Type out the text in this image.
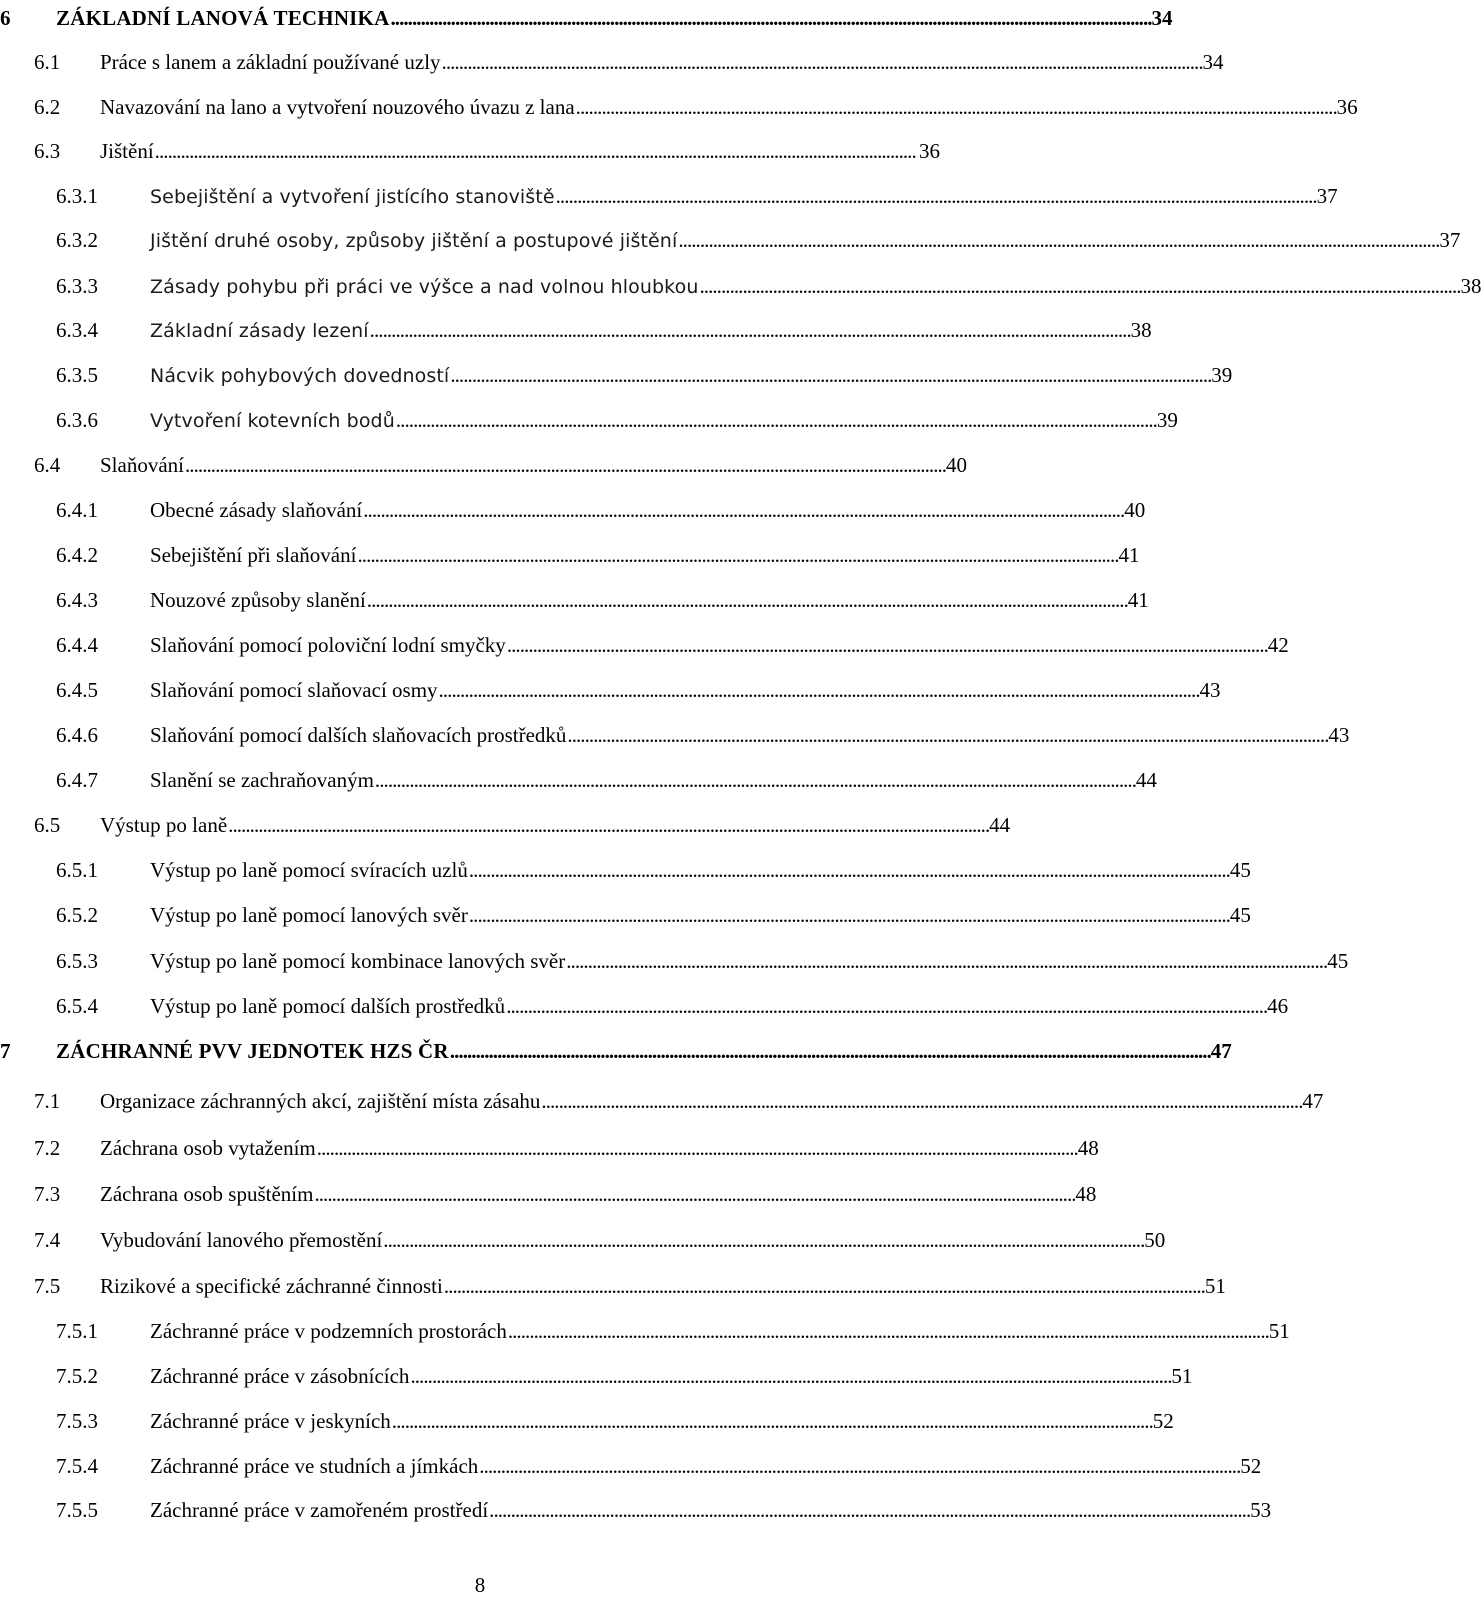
6 ZÁKLADNÍ LANOVÁ TECHNIKA . . .	34
6.1 Práce s lanem a základní používané uzly . . .	34
6.2 Navazování na lano a vytvoření nouzového úvazu z lana . . .	36
6.3 Jištění . . .	36
6.3.1	Sebejištění a vytvoření jistícího stanoviště . . .	37
6.3.2	Jištění druhé osoby, způsoby jištění a postupové jištění . . .	37
6.3.3	Zásady pohybu při práci ve výšce a nad volnou hloubkou . . .	38
6.3.4	Základní zásady lezení . . .	38
6.3.5	Nácvik pohybových dovedností . . .	39
6.3.6	Vytvoření kotevních bodů . . .	39
6.4 Slaňování . . .	40
6.4.1 Obecné zásady slaňování . . .	40
6.4.2 Sebejištění při slaňování . . .	41
6.4.3 Nouzové způsoby slanění . . .	41
6.4.4 Slaňování pomocí poloviční lodní smyčky . . .	42
6.4.5 Slaňování pomocí slaňovací osmy . . .	43
6.4.6 Slaňování pomocí dalších slaňovacích prostředků . . .	43
6.4.7 Slanění se zachraňovaným . . .	44
6.5 Výstup po laně . . .	44
6.5.1 Výstup po laně pomocí svíracích uzlů . . .	45
6.5.2 Výstup po laně pomocí lanových svěr . . .	45
6.5.3 Výstup po laně pomocí kombinace lanových svěr . . .	45
6.5.4 Výstup po laně pomocí dalších prostředků . . .	46
7 ZÁCHRANNÉ PVV JEDNOTEK HZS ČR . . .	47
7.1 Organizace záchranných akcí, zajištění místa zásahu . . .	47
7.2 Záchrana osob vytažením . . .	48
7.3 Záchrana osob spuštěním . . .	48
7.4 Vybudování lanového přemostění . . .	50
7.5 Rizikové a specifické záchranné činnosti . . .	51
7.5.1 Záchranné práce v podzemních prostorách . . .	51
7.5.2 Záchranné práce v zásobnících . . .	51
7.5.3 Záchranné práce v jeskyních . . .	52
7.5.4 Záchranné práce ve studních a jímkách . . .	52
7.5.5 Záchranné práce v zamořeném prostředí . . .	53
8
